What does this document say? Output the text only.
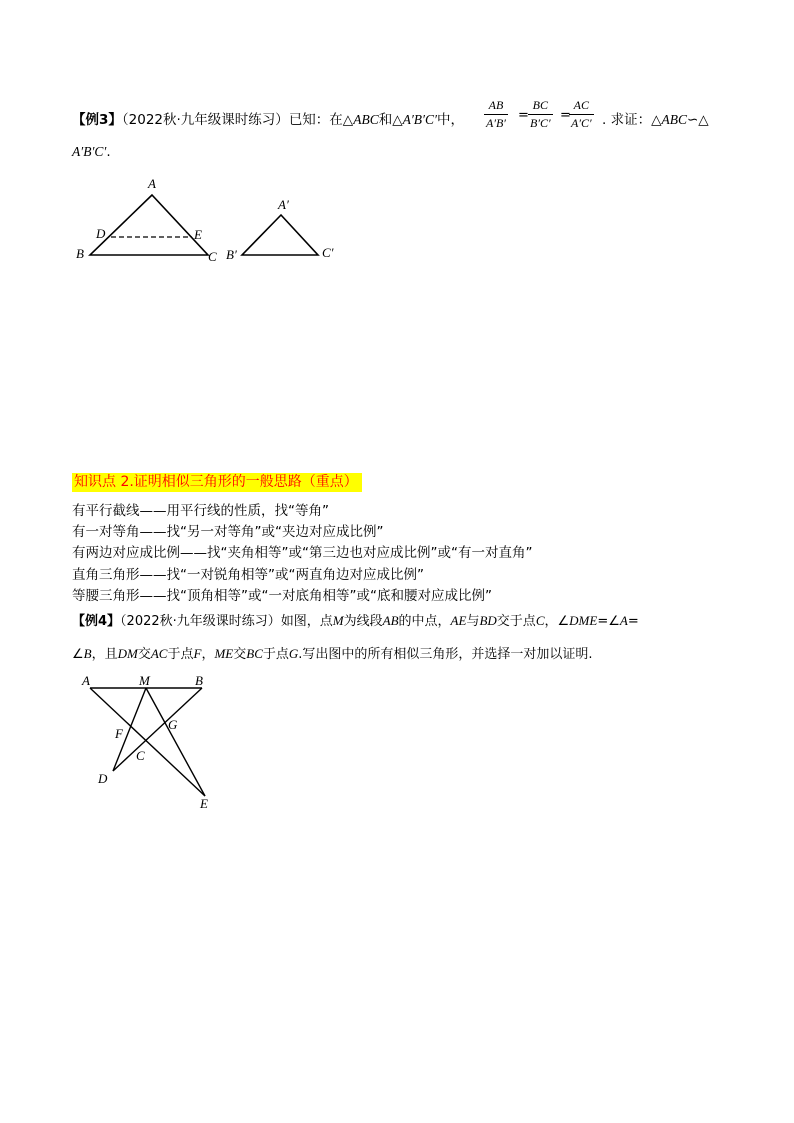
【例3】（2022秋·九年级课时练习）已知：在△ABC和△A′B′C′中，
AB
A′B′ =
BC
B′C′ =
AC
A′C′ . 求证：△ABC∽△
A′B′C′.
A
B	C
D	E
A′
B′	C′
知识点 2.证明相似三角形的一般思路（重点）
有平行截线——用平行线的性质，找“等角”
有一对等角——找“另一对等角”或“夹边对应成比例”
有两边对应成比例——找“夹角相等”或“第三边也对应成比例”或“有一对直角”
直角三角形——找“一对锐角相等”或“两直角边对应成比例”
等腰三角形——找“顶角相等”或“一对底角相等”或“底和腰对应成比例”
【例4】（2022秋·九年级课时练习）如图，点M为线段AB的中点，AE与BD交于点C，∠DME=∠A=
∠B，且DM交AC于点F，ME交BC于点G.写出图中的所有相似三角形，并选择一对加以证明.
A	M	B
F
G
C
D
E
